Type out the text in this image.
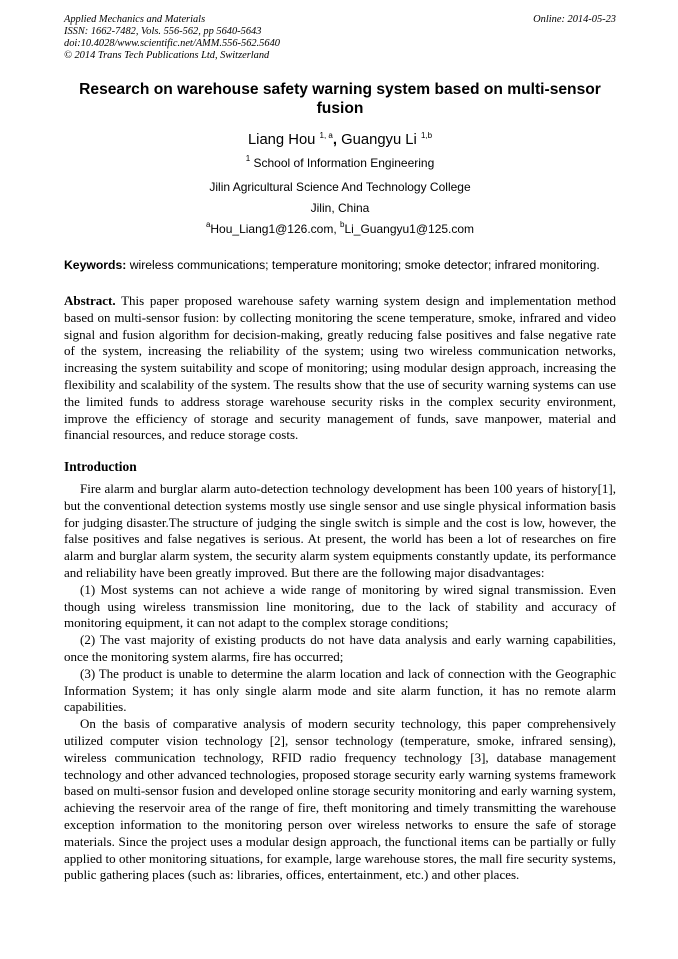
Applied Mechanics and Materials
ISSN: 1662-7482, Vols. 556-562, pp 5640-5643
doi:10.4028/www.scientific.net/AMM.556-562.5640
© 2014 Trans Tech Publications Ltd, Switzerland
Online: 2014-05-23
Research on warehouse safety warning system based on multi-sensor fusion
Liang Hou $^{1, a}$, Guangyu Li $^{1,b}$
$^1$ School of Information Engineering
Jilin Agricultural Science And Technology College
Jilin, China
$^a$Hou_Liang1@126.com, $^b$Li_Guangyu1@125.com
Keywords: wireless communications; temperature monitoring; smoke detector; infrared monitoring.
Abstract. This paper proposed warehouse safety warning system design and implementation method based on multi-sensor fusion: by collecting monitoring the scene temperature, smoke, infrared and video signal and fusion algorithm for decision-making, greatly reducing false positives and false negative rate of the system, increasing the reliability of the system; using two wireless communication networks, increasing the system suitability and scope of monitoring; using modular design approach, increasing the flexibility and scalability of the system. The results show that the use of security warning systems can use the limited funds to address storage warehouse security risks in the complex security environment, improve the efficiency of storage and security management of funds, save manpower, material and financial resources, and reduce storage costs.
Introduction

Fire alarm and burglar alarm auto-detection technology development has been 100 years of history[1], but the conventional detection systems mostly use single sensor and use single physical information basis for judging disaster.The structure of judging the single switch is simple and the cost is low, however, the false positives and false negatives is serious. At present, the world has been a lot of researches on fire alarm and burglar alarm system, the security alarm system equipments constantly update, its performance and reliability have been greatly improved. But there are the following major disadvantages:

(1) Most systems can not achieve a wide range of monitoring by wired signal transmission. Even though using wireless transmission line monitoring, due to the lack of stability and accuracy of monitoring equipment, it can not adapt to the complex storage conditions;

(2) The vast majority of existing products do not have data analysis and early warning capabilities, once the monitoring system alarms, fire has occurred;

(3) The product is unable to determine the alarm location and lack of connection with the Geographic Information System; it has only single alarm mode and site alarm function, it has no remote alarm capabilities.

On the basis of comparative analysis of modern security technology, this paper comprehensively utilized computer vision technology [2], sensor technology (temperature, smoke, infrared sensing), wireless communication technology, RFID radio frequency technology [3], database management technology and other advanced technologies, proposed storage security early warning systems framework based on multi-sensor fusion and developed online storage security monitoring and early warning system, achieving the reservoir area of the range of fire, theft monitoring and timely transmitting the warehouse exception information to the monitoring person over wireless networks to ensure the safe of storage materials. Since the project uses a modular design approach, the functional items can be partially or fully applied to other monitoring situations, for example, large warehouse stores, the mall fire security systems, public gathering places (such as: libraries, offices, entertainment, etc.) and other places.
